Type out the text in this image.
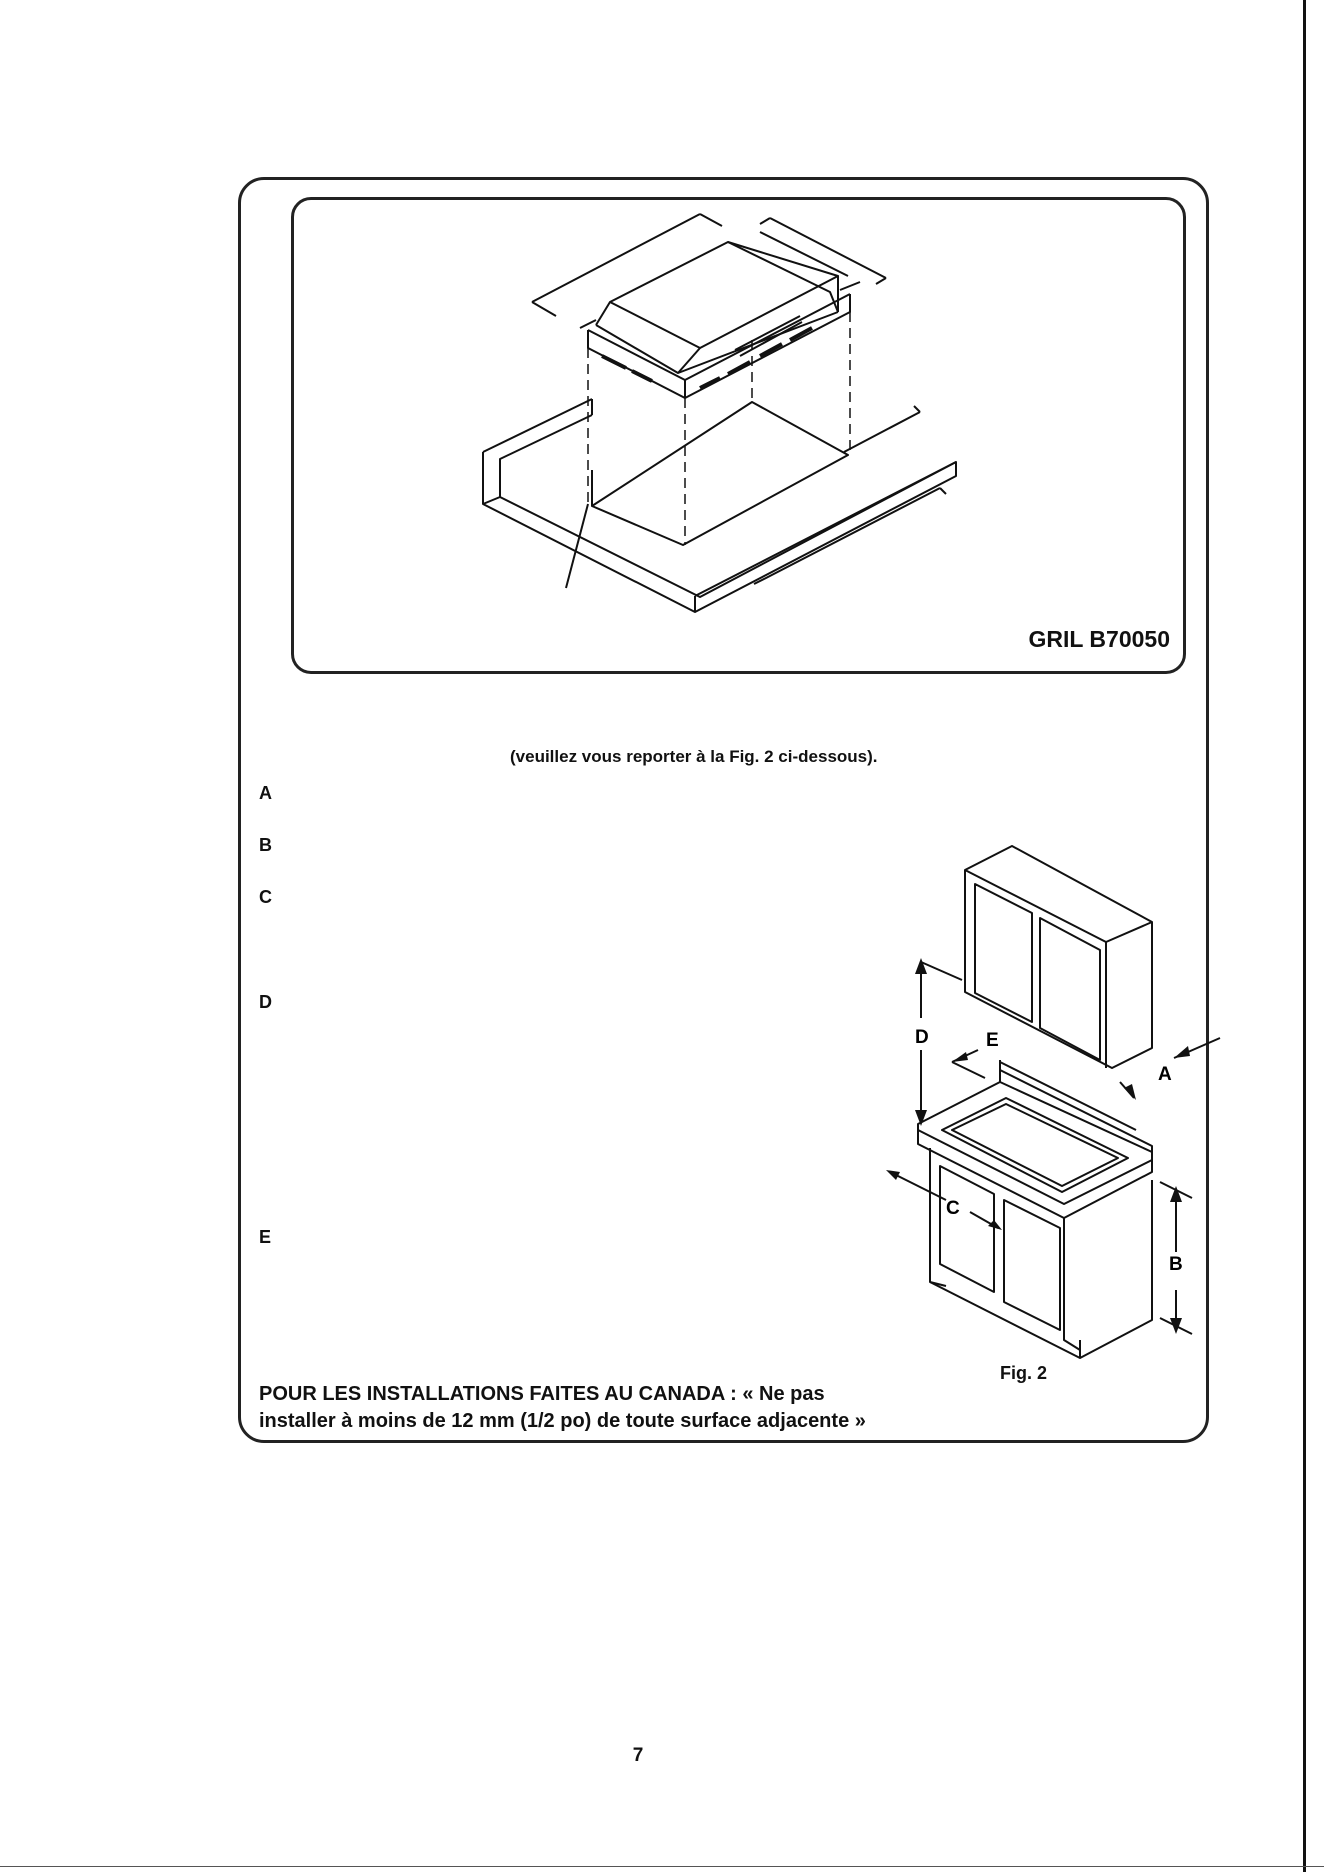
GRIL B70050
(veuillez vous reporter à la Fig. 2 ci-dessous).
A
B
C
D
E
D	E
A
C
B
Fig. 2
POUR LES INSTALLATIONS FAITES AU CANADA : « Ne pas
installer à moins de 12 mm (1/2 po) de toute surface adjacente »
7
